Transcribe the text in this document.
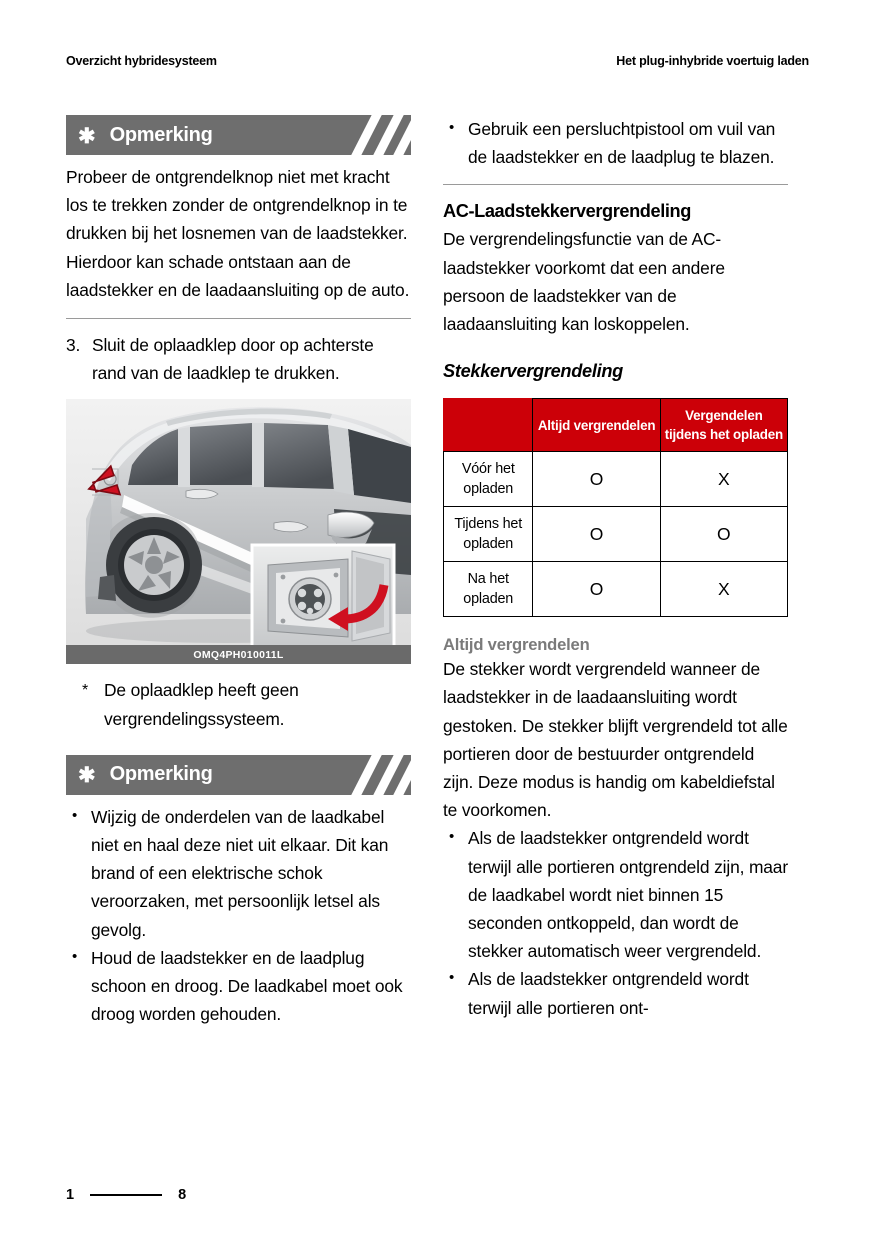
Overzicht hybridesysteem	Het plug-inhybride voertuig laden
✱ Opmerking

Probeer de ontgrendelknop niet met kracht los te trekken zonder de ontgrendelknop in te drukken bij het losnemen van de laadstekker. Hierdoor kan schade ontstaan aan de laadstekker en de laadaansluiting op de auto.

3. Sluit de oplaadklep door op achterste rand van de laadklep te drukken.
OMQ4PH010011L
* De oplaadklep heeft geen vergrendelingssysteem.
✱ Opmerking
• Wijzig de onderdelen van de laadkabel niet en haal deze niet uit elkaar. Dit kan brand of een elektrische schok veroorzaken, met persoonlijk letsel als gevolg.
• Houd de laadstekker en de laadplug schoon en droog. De laadkabel moet ook droog worden gehouden.
• Gebruik een persluchtpistool om vuil van de laadstekker en de laadplug te blazen.
AC-Laadstekkervergrendeling

De vergrendelingsfunctie van de AC-laadstekker voorkomt dat een andere persoon de laadstekker van de laadaansluiting kan loskoppelen.

Stekkervergrendeling
	Altijd vergrendelen	Vergendelen tijdens het opladen
Vóór het opladen	O	X
Tijdens het opladen	O	O
Na het opladen	O	X
Altijd vergrendelen

De stekker wordt vergrendeld wanneer de laadstekker in de laadaansluiting wordt gestoken. De stekker blijft vergrendeld tot alle portieren door de bestuurder ontgrendeld zijn. Deze modus is handig om kabeldiefstal te voorkomen.

• Als de laadstekker ontgrendeld wordt terwijl alle portieren ontgrendeld zijn, maar de laadkabel wordt niet binnen 15 seconden ontkoppeld, dan wordt de stekker automatisch weer vergrendeld.
• Als de laadstekker ontgrendeld wordt terwijl alle portieren ont-
1	8
